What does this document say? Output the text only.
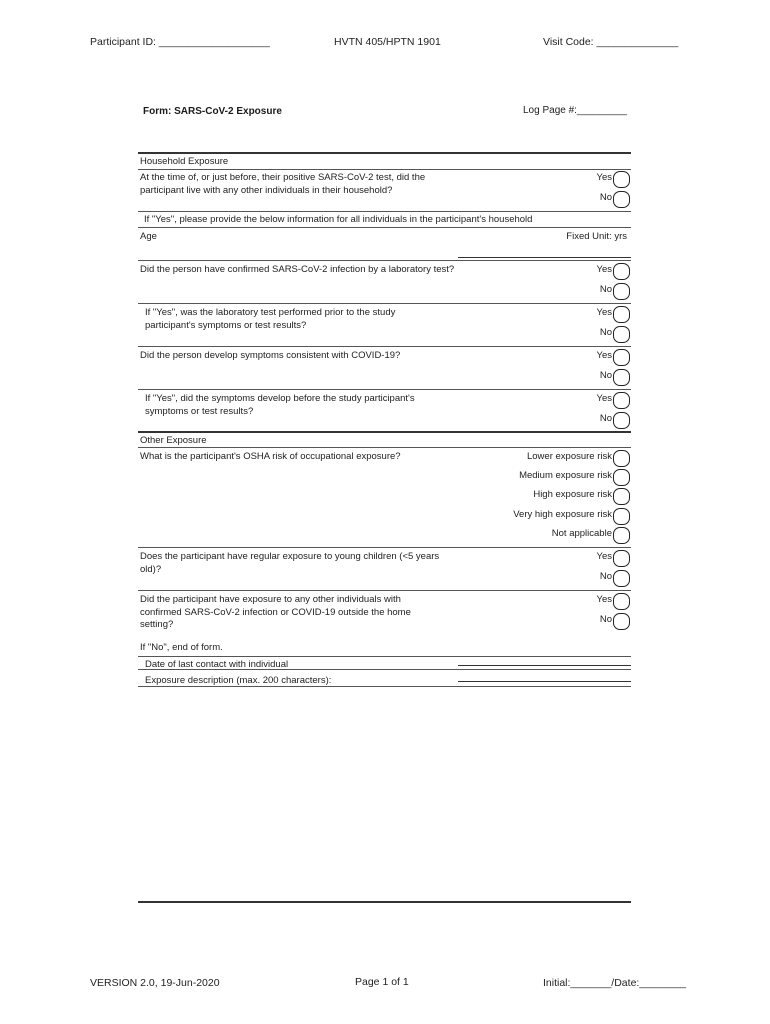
Participant ID: ___________________	HVTN 405/HPTN 1901	Visit Code: ______________
Form: SARS-CoV-2 Exposure	Log Page #:_________
Household Exposure
At the time of, or just before, their positive SARS-CoV-2 test, did the participant live with any other individuals in their household?
Yes
No
If "Yes", please provide the below information for all individuals in the participant's household
Age	Fixed Unit: yrs
Did the person have confirmed SARS-CoV-2 infection by a laboratory test?	Yes
No
If "Yes", was the laboratory test performed prior to the study participant's symptoms or test results?
Yes
No
Did the person develop symptoms consistent with COVID-19?	Yes
No
If "Yes", did the symptoms develop before the study participant's symptoms or test results?
Yes
No
Other Exposure
What is the participant's OSHA risk of occupational exposure?	Lower exposure risk
Medium exposure risk
High exposure risk
Very high exposure risk
Not applicable
Does the participant have regular exposure to young children (<5 years old)?
Yes
No
Did the participant have exposure to any other individuals with confirmed SARS-CoV-2 infection or COVID-19 outside the home setting?
Yes
No
If "No", end of form.
Date of last contact with individual
Exposure description (max. 200 characters):
VERSION 2.0, 19-Jun-2020	Page 1 of 1	Initial:_______/Date:________
